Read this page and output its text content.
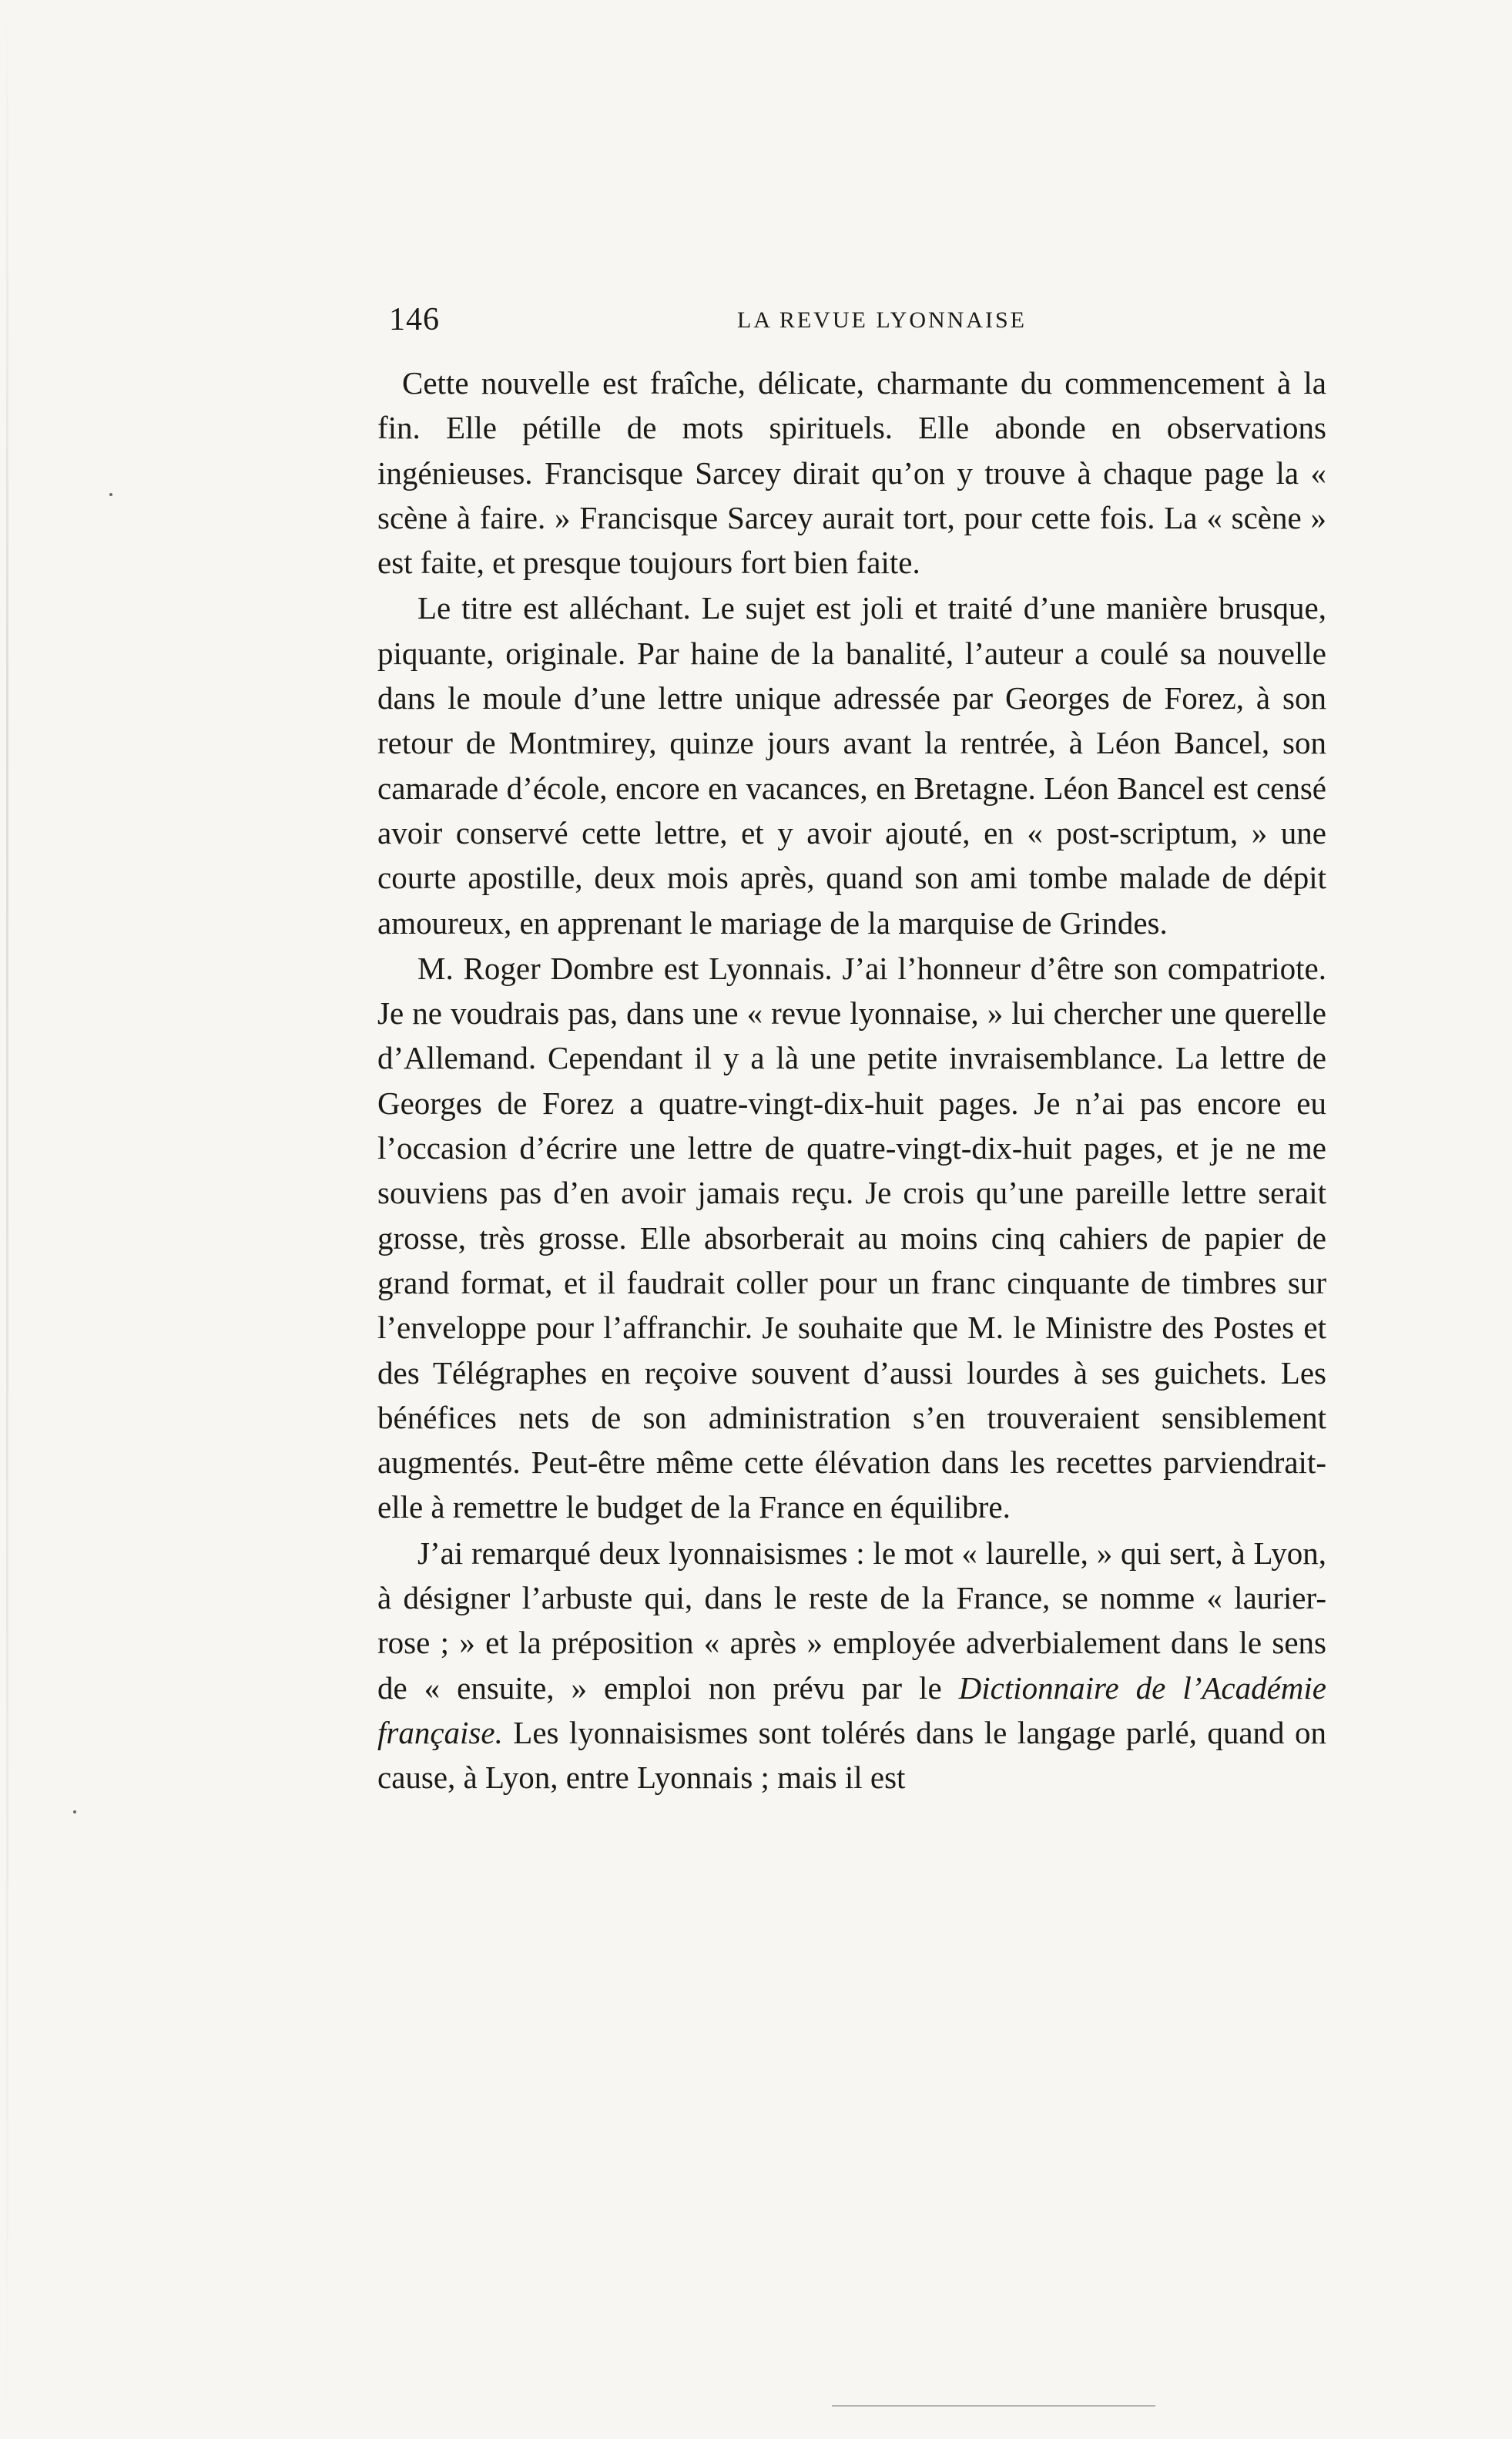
146	LA REVUE LYONNAISE

Cette nouvelle est fraîche, délicate, charmante du commencement à la fin. Elle pétille de mots spirituels. Elle abonde en observations ingénieuses. Francisque Sarcey dirait qu’on y trouve à chaque page la « scène à faire. » Francisque Sarcey aurait tort, pour cette fois. La « scène » est faite, et presque toujours fort bien faite.

Le titre est alléchant. Le sujet est joli et traité d’une manière brusque, piquante, originale. Par haine de la banalité, l’auteur a coulé sa nouvelle dans le moule d’une lettre unique adressée par Georges de Forez, à son retour de Montmirey, quinze jours avant la rentrée, à Léon Bancel, son camarade d’école, encore en vacances, en Bretagne. Léon Bancel est censé avoir conservé cette lettre, et y avoir ajouté, en « post-scriptum, » une courte apostille, deux mois après, quand son ami tombe malade de dépit amoureux, en apprenant le mariage de la marquise de Grindes.

M. Roger Dombre est Lyonnais. J’ai l’honneur d’être son compatriote. Je ne voudrais pas, dans une « revue lyonnaise, » lui chercher une querelle d’Allemand. Cependant il y a là une petite invraisemblance. La lettre de Georges de Forez a quatre-vingt-dix-huit pages. Je n’ai pas encore eu l’occasion d’écrire une lettre de quatre-vingt-dix-huit pages, et je ne me souviens pas d’en avoir jamais reçu. Je crois qu’une pareille lettre serait grosse, très grosse. Elle absorberait au moins cinq cahiers de papier de grand format, et il faudrait coller pour un franc cinquante de timbres sur l’enveloppe pour l’affranchir. Je souhaite que M. le Ministre des Postes et des Télégraphes en reçoive souvent d’aussi lourdes à ses guichets. Les bénéfices nets de son administration s’en trouveraient sensiblement augmentés. Peut-être même cette élévation dans les recettes parviendrait-elle à remettre le budget de la France en équilibre.

J’ai remarqué deux lyonnaisismes : le mot « laurelle, » qui sert, à Lyon, à désigner l’arbuste qui, dans le reste de la France, se nomme « laurier-rose ; » et la préposition « après » employée adverbialement dans le sens de « ensuite, » emploi non prévu par le Dictionnaire de l’Académie française. Les lyonnaisismes sont tolérés dans le langage parlé, quand on cause, à Lyon, entre Lyonnais ; mais il est
